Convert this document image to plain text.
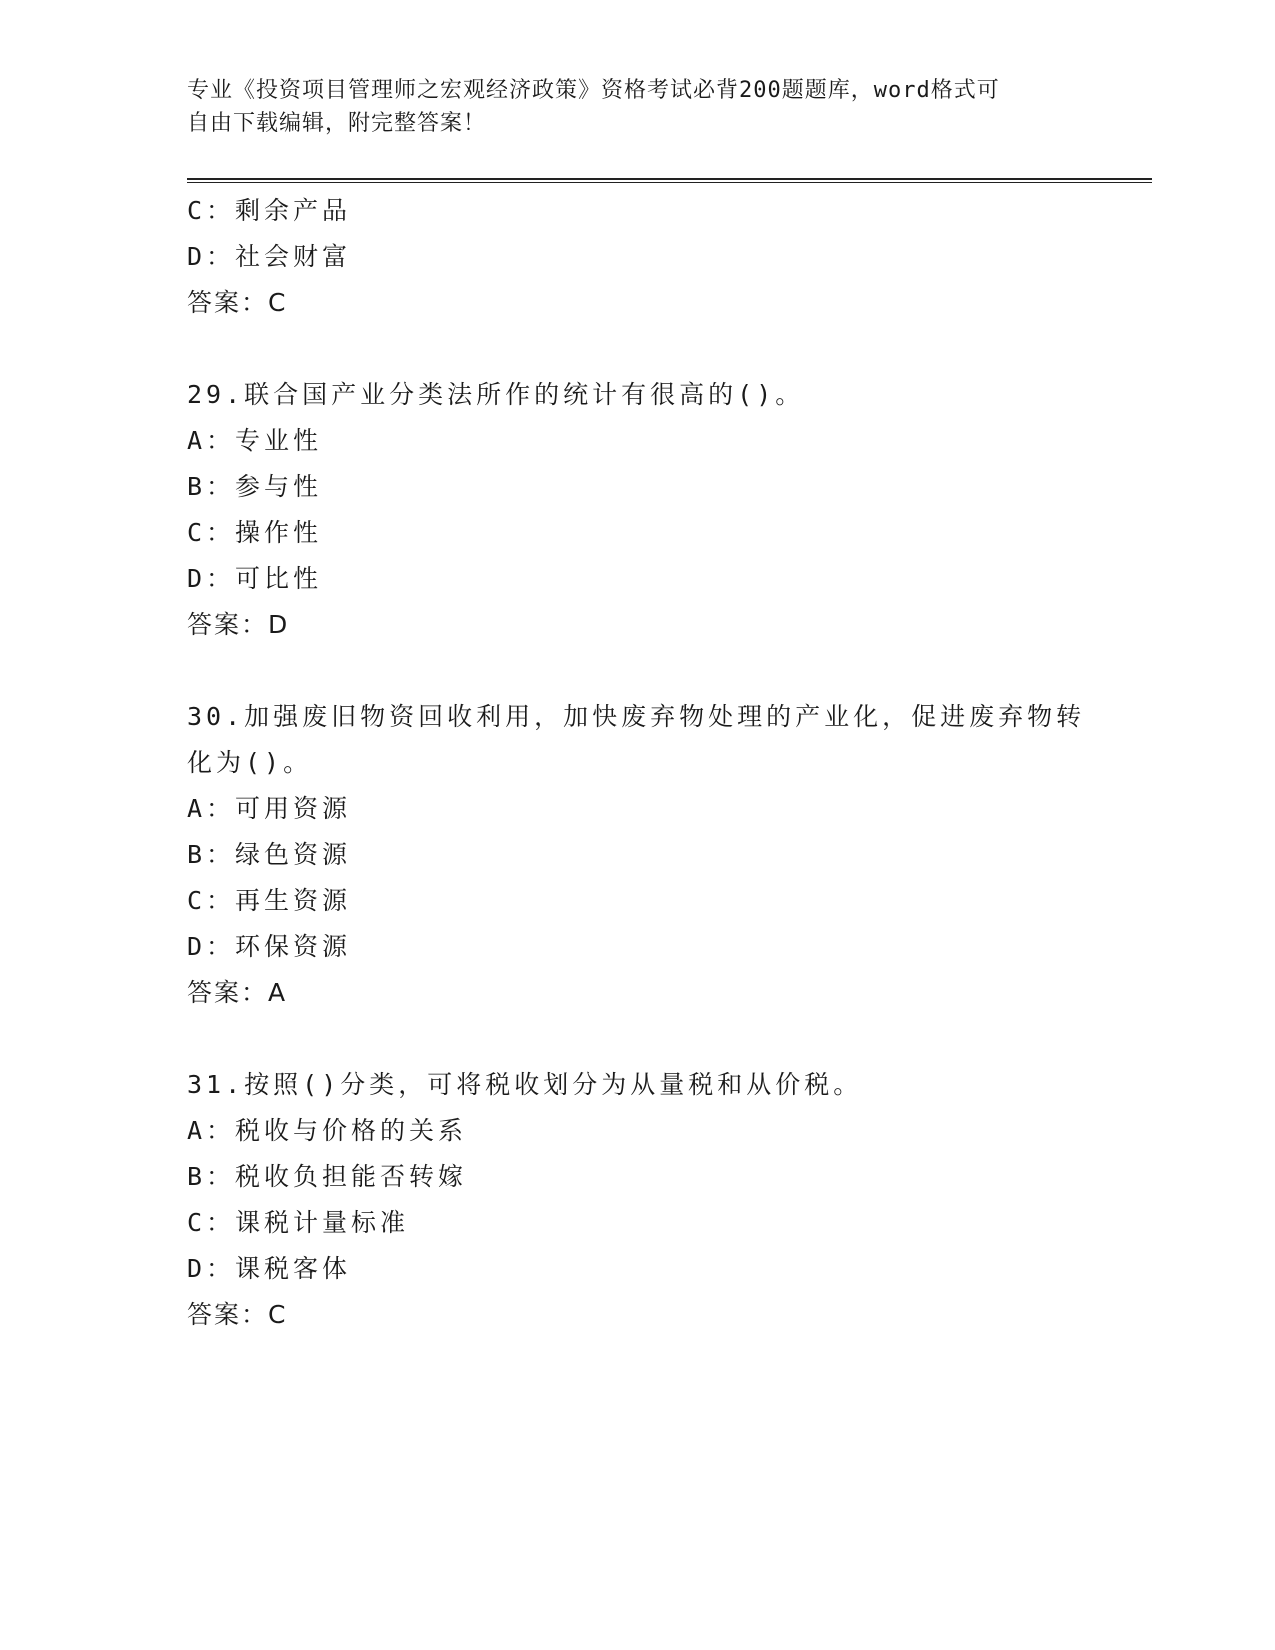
专业《投资项目管理师之宏观经济政策》资格考试必背200题题库，word格式可
自由下载编辑，附完整答案！
C：剩余产品
D：社会财富
答案：C
29.联合国产业分类法所作的统计有很高的()。
A：专业性
B：参与性
C：操作性
D：可比性
答案：D
30.加强废旧物资回收利用，加快废弃物处理的产业化，促进废弃物转
化为()。
A：可用资源
B：绿色资源
C：再生资源
D：环保资源
答案：A
31.按照()分类，可将税收划分为从量税和从价税。
A：税收与价格的关系
B：税收负担能否转嫁
C：课税计量标准
D：课税客体
答案：C
